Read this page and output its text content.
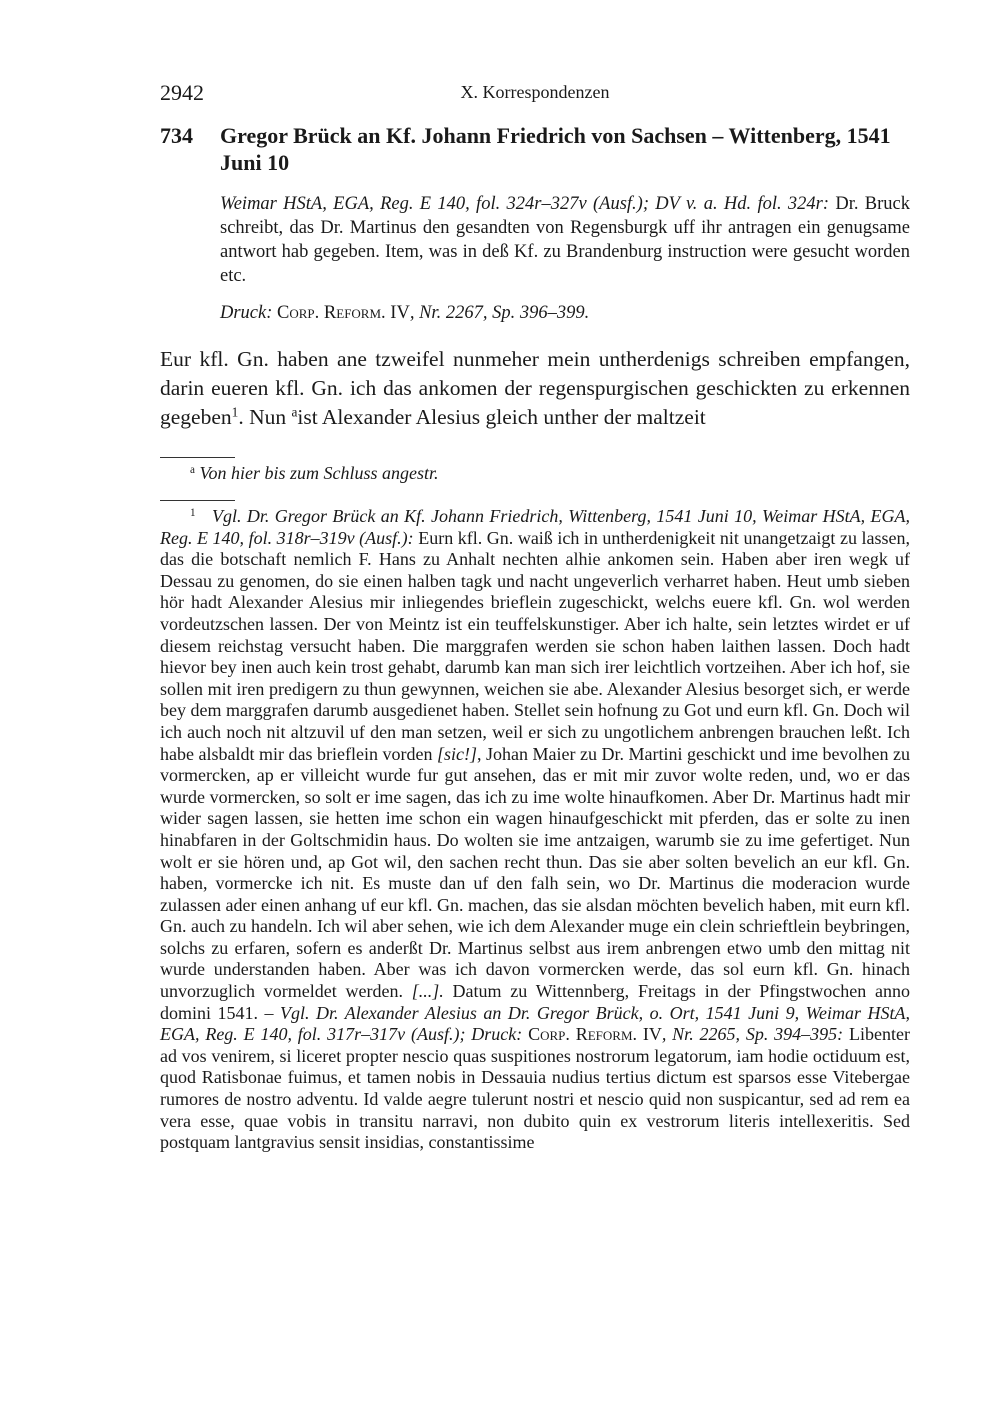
2942	X. Korrespondenzen
734 Gregor Brück an Kf. Johann Friedrich von Sachsen – Wittenberg, 1541 Juni 10
Weimar HStA, EGA, Reg. E 140, fol. 324r–327v (Ausf.); DV v. a. Hd. fol. 324r: Dr. Bruck schreibt, das Dr. Martinus den gesandten von Regensburgk uff ihr antragen ein genugsame antwort hab gegeben. Item, was in deß Kf. zu Brandenburg instruction were gesucht worden etc.
Druck: Corp. Reform. IV, Nr. 2267, Sp. 396–399.
Eur kfl. Gn. haben ane tzweifel nunmeher mein untherdenigs schreiben empfangen, darin eueren kfl. Gn. ich das ankomen der regenspurgischen geschickten zu erkennen gegeben$^1$. Nun $^a$ist Alexander Alesius gleich unther der maltzeit
$^a$ Von hier bis zum Schluss angestr.
$^1$ Vgl. Dr. Gregor Brück an Kf. Johann Friedrich, Wittenberg, 1541 Juni 10, Weimar HStA, EGA, Reg. E 140, fol. 318r–319v (Ausf.): Eurn kfl. Gn. waiß ich in untherdenigkeit nit unangetzaigt zu lassen, das die botschaft nemlich F. Hans zu Anhalt nechten alhie ankomen sein. Haben aber iren wegk uf Dessau zu genomen, do sie einen halben tagk und nacht ungeverlich verharret haben. Heut umb sieben hör hadt Alexander Alesius mir inliegendes brieflein zugeschickt, welchs euere kfl. Gn. wol werden vordeutzschen lassen. Der von Meintz ist ein teuffelskunstiger. Aber ich halte, sein letztes wirdet er uf diesem reichstag versucht haben. Die marggrafen werden sie schon haben laithen lassen. Doch hadt hievor bey inen auch kein trost gehabt, darumb kan man sich irer leichtlich vortzeihen. Aber ich hof, sie sollen mit iren predigern zu thun gewynnen, weichen sie abe. Alexander Alesius besorget sich, er werde bey dem marggrafen darumb ausgedienet haben. Stellet sein hofnung zu Got und eurn kfl. Gn. Doch wil ich auch noch nit altzuvil uf den man setzen, weil er sich zu ungotlichem anbrengen brauchen leßt. Ich habe alsbaldt mir das brieflein vorden [sic!], Johan Maier zu Dr. Martini geschickt und ime bevolhen zu vormercken, ap er villeicht wurde fur gut ansehen, das er mit mir zuvor wolte reden, und, wo er das wurde vormercken, so solt er ime sagen, das ich zu ime wolte hinaufkomen. Aber Dr. Martinus hadt mir wider sagen lassen, sie hetten ime schon ein wagen hinaufgeschickt mit pferden, das er solte zu inen hinabfaren in der Goltschmidin haus. Do wolten sie ime antzaigen, warumb sie zu ime gefertiget. Nun wolt er sie hören und, ap Got wil, den sachen recht thun. Das sie aber solten bevelich an eur kfl. Gn. haben, vormercke ich nit. Es muste dan uf den falh sein, wo Dr. Martinus die moderacion wurde zulassen ader einen anhang uf eur kfl. Gn. machen, das sie alsdan möchten bevelich haben, mit eurn kfl. Gn. auch zu handeln. Ich wil aber sehen, wie ich dem Alexander muge ein clein schrieftlein beybringen, solchs zu erfaren, sofern es anderßt Dr. Martinus selbst aus irem anbrengen etwo umb den mittag nit wurde understanden haben. Aber was ich davon vormercken werde, das sol eurn kfl. Gn. hinach unvorzuglich vormeldet werden. [...]. Datum zu Wittennberg, Freitags in der Pfingstwochen anno domini 1541. – Vgl. Dr. Alexander Alesius an Dr. Gregor Brück, o. Ort, 1541 Juni 9, Weimar HStA, EGA, Reg. E 140, fol. 317r–317v (Ausf.); Druck: Corp. Reform. IV, Nr. 2265, Sp. 394–395: Libenter ad vos venirem, si liceret propter nescio quas suspitiones nostrorum legatorum, iam hodie octiduum est, quod Ratisbonae fuimus, et tamen nobis in Dessauia nudius tertius dictum est sparsos esse Vitebergae rumores de nostro adventu. Id valde aegre tulerunt nostri et nescio quid non suspicantur, sed ad rem ea vera esse, quae vobis in transitu narravi, non dubito quin ex vestrorum literis intellexeritis. Sed postquam lantgravius sensit insidias, constantissime
